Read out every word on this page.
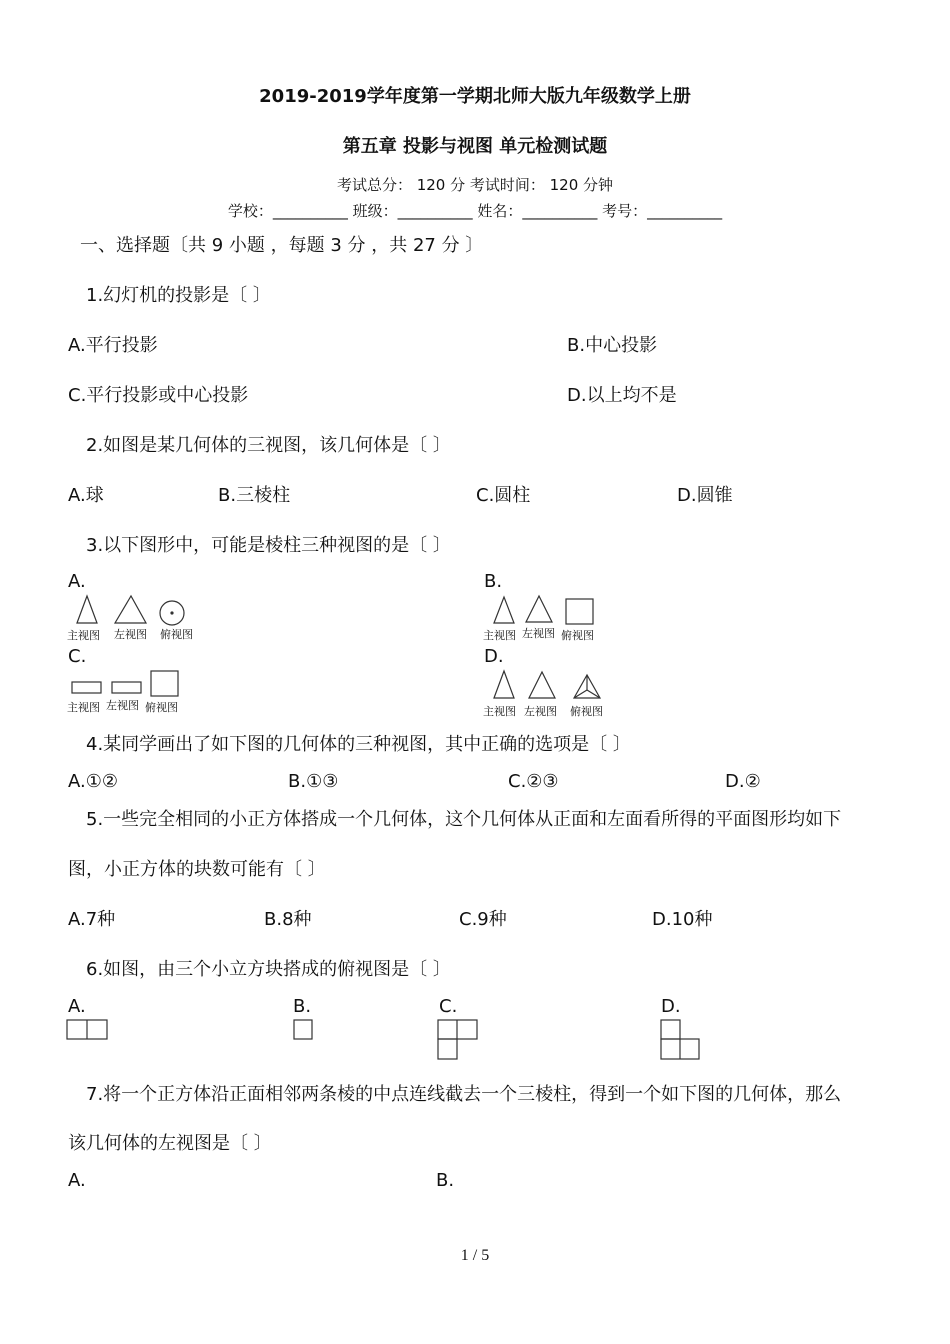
2019-2019学年度第一学期北师大版九年级数学上册
第五章 投影与视图 单元检测试题
考试总分： 120 分 考试时间： 120 分钟
学校：__________ 班级：__________ 姓名：__________ 考号：__________
一、选择题〔共 9 小题 ，每题 3 分 ，共 27 分 〕
1.幻灯机的投影是〔 〕
A.平行投影	B.中心投影
C.平行投影或中心投影	D.以上均不是
2.如图是某几何体的三视图，该几何体是〔 〕
A.球	B.三棱柱	C.圆柱	D.圆锥
3.以下图形中，可能是棱柱三种视图的是〔 〕
A.	B.
C.	D.
主视图 左视图 俯视图	主视图 左视图 俯视图
主视图 左视图 俯视图	主视图 左视图 俯视图
4.某同学画出了如下图的几何体的三种视图，其中正确的选项是〔 〕
A.①②	B.①③	C.②③	D.②
5.一些完全相同的小正方体搭成一个几何体，这个几何体从正面和左面看所得的平面图形均如下
图，小正方体的块数可能有〔 〕
A.7种	B.8种	C.9种	D.10种
6.如图，由三个小立方块搭成的俯视图是〔 〕
A.	B.	C.	D.
7.将一个正方体沿正面相邻两条棱的中点连线截去一个三棱柱，得到一个如下图的几何体，那么
该几何体的左视图是〔 〕
A.	B.
1 / 5
